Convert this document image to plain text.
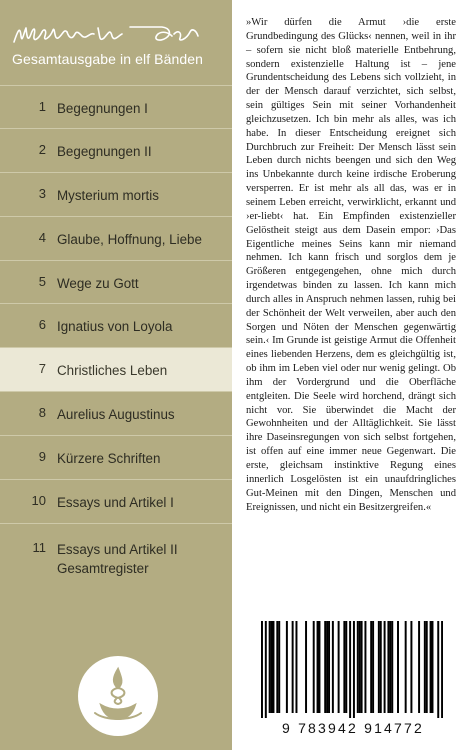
Gesamtausgabe in elf Bänden
1 Begegnungen I
2 Begegnungen II
3 Mysterium mortis
4 Glaube, Hoffnung, Liebe
5 Wege zu Gott
6 Ignatius von Loyola
7 Christliches Leben
8 Aurelius Augustinus
9 Kürzere Schriften
10 Essays und Artikel I
11 Essays und Artikel II
Gesamtregister

»Wir dürfen die Armut ›die erste Grundbedingung des Glücks‹ nennen, weil in ihr – sofern sie nicht bloß materielle Entbehrung, sondern existenzielle Haltung ist – jene Grundentscheidung des Lebens sich vollzieht, in der der Mensch darauf verzichtet, sich selbst, sein gültiges Sein mit seiner Vorhandenheit gleichzusetzen. Ich bin mehr als alles, was ich habe. In dieser Entscheidung ereignet sich Durchbruch zur Freiheit: Der Mensch lässt sein Leben durch nichts beengen und sich den Weg ins Unbekannte durch keine irdische Eroberung versperren. Er ist mehr als all das, was er in seinem Leben erreicht, verwirklicht, erkannt und ›er-liebt‹ hat. Ein Empfinden existenzieller Gelöstheit steigt aus dem Dasein empor: ›Das Eigentliche meines Seins kann mir niemand nehmen. Ich kann frisch und sorglos dem je Größeren entgegengehen, ohne mich durch irgendetwas binden zu lassen. Ich kann mich durch alles in Anspruch nehmen lassen, ruhig bei der Schönheit der Welt verweilen, aber auch den Sorgen und Nöten der Menschen gegenwärtig sein.‹ Im Grunde ist geistige Armut die Offenheit eines liebenden Herzens, dem es gleichgültig ist, ob ihm im Leben viel oder nur wenig gelingt. Ob ihm der Vordergrund und die Oberfläche entgleiten. Die Seele wird horchend, drängt sich nicht vor. Sie überwindet die Macht der Gewohnheiten und der Alltäglichkeit. Sie lässt ihre Daseinsregungen von sich selbst fortgehen, ist offen auf eine immer neue Gegenwart. Die erste, gleichsam instinktive Regung eines innerlich Losgelösten ist ein unaufdringliches Gut-Meinen mit den Dingen, Menschen und Ereignissen, und nicht ein Besitzergreifen.«

9 783942 914772
